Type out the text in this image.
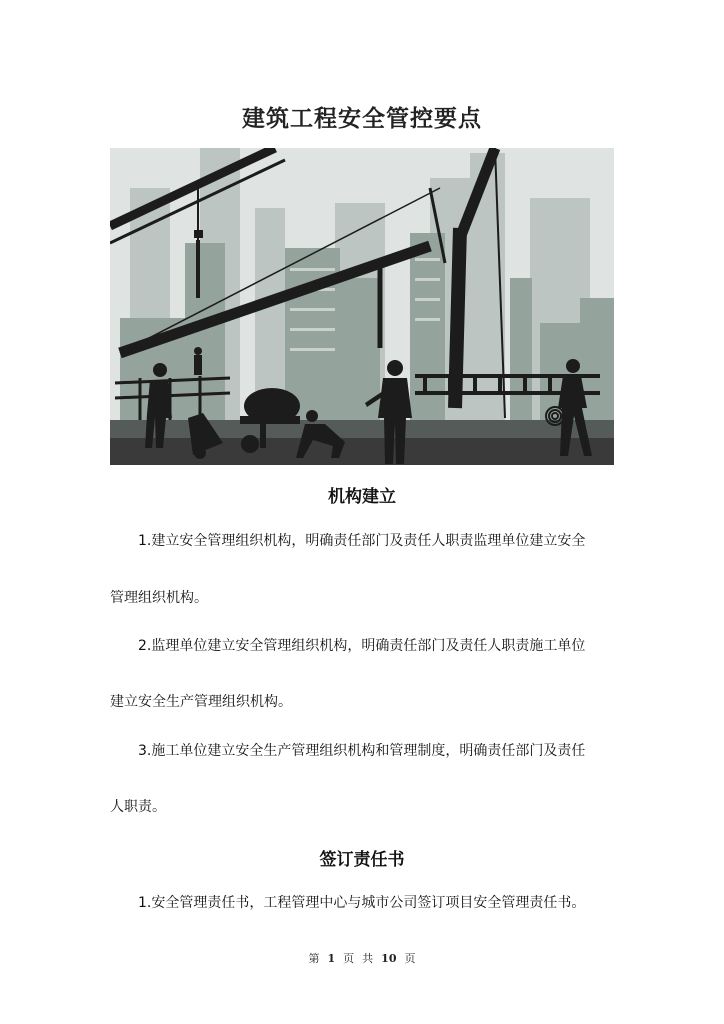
建筑工程安全管控要点
机构建立
1.建立安全管理组织机构，明确责任部门及责任人职责监理单位建立安全
管理组织机构。
2.监理单位建立安全管理组织机构，明确责任部门及责任人职责施工单位
建立安全生产管理组织机构。
3.施工单位建立安全生产管理组织机构和管理制度，明确责任部门及责任
人职责。
签订责任书
1.安全管理责任书，工程管理中心与城市公司签订项目安全管理责任书。
第 1 页 共 10 页
